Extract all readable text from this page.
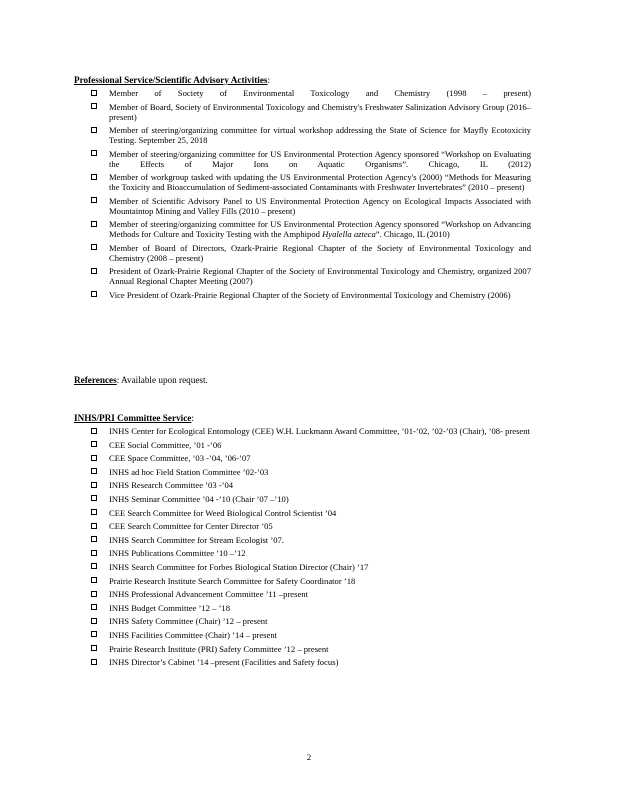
Professional Service/Scientific Advisory Activities:
Member of Society of Environmental Toxicology and Chemistry (1998 – present)
Member of Board, Society of Environmental Toxicology and Chemistry's Freshwater Salinization Advisory Group (2016– present)
Member of steering/organizing committee for virtual workshop addressing the State of Science for Mayfly Ecotoxicity Testing. September 25, 2018
Member of steering/organizing committee for US Environmental Protection Agency sponsored “Workshop on Evaluating the Effects of Major Ions on Aquatic Organisms”. Chicago, IL (2012)
Member of workgroup tasked with updating the US Environmental Protection Agency's (2000) “Methods for Measuring the Toxicity and Bioaccumulation of Sediment-associated Contaminants with Freshwater Invertebrates” (2010 – present)
Member of Scientific Advisory Panel to US Environmental Protection Agency on Ecological Impacts Associated with Mountaintop Mining and Valley Fills (2010 – present)
Member of steering/organizing committee for US Environmental Protection Agency sponsored “Workshop on Advancing Methods for Culture and Toxicity Testing with the Amphipod Hyalella azteca”. Chicago, IL (2010)
Member of Board of Directors, Ozark-Prairie Regional Chapter of the Society of Environmental Toxicology and Chemistry (2008 – present)
President of Ozark-Prairie Regional Chapter of the Society of Environmental Toxicology and Chemistry, organized 2007 Annual Regional Chapter Meeting (2007)
Vice President of Ozark-Prairie Regional Chapter of the Society of Environmental Toxicology and Chemistry (2006)
References: Available upon request.
INHS/PRI Committee Service:
INHS Center for Ecological Entomology (CEE) W.H. Luckmann Award Committee, ’01-’02, ’02-’03 (Chair), ’08- present
CEE Social Committee, ’01 -’06
CEE Space Committee, ’03 -’04, ’06-’07
INHS ad hoc Field Station Committee ’02-’03
INHS Research Committee ’03 -’04
INHS Seminar Committee ’04 -’10 (Chair ’07 –’10)
CEE Search Committee for Weed Biological Control Scientist ’04
CEE Search Committee for Center Director ’05
INHS Search Committee for Stream Ecologist ’07.
INHS Publications Committee ’10 –’12
INHS Search Committee for Forbes Biological Station Director (Chair) ’17
Prairie Research Institute Search Committee for Safety Coordinator ’18
INHS Professional Advancement Committee ’11 –present
INHS Budget Committee ’12 – ’18
INHS Safety Committee (Chair) ’12 – present
INHS Facilities Committee (Chair) ’14 – present
Prairie Research Institute (PRI) Safety Committee ’12 – present
INHS Director’s Cabinet ’14 –present (Facilities and Safety focus)
2
